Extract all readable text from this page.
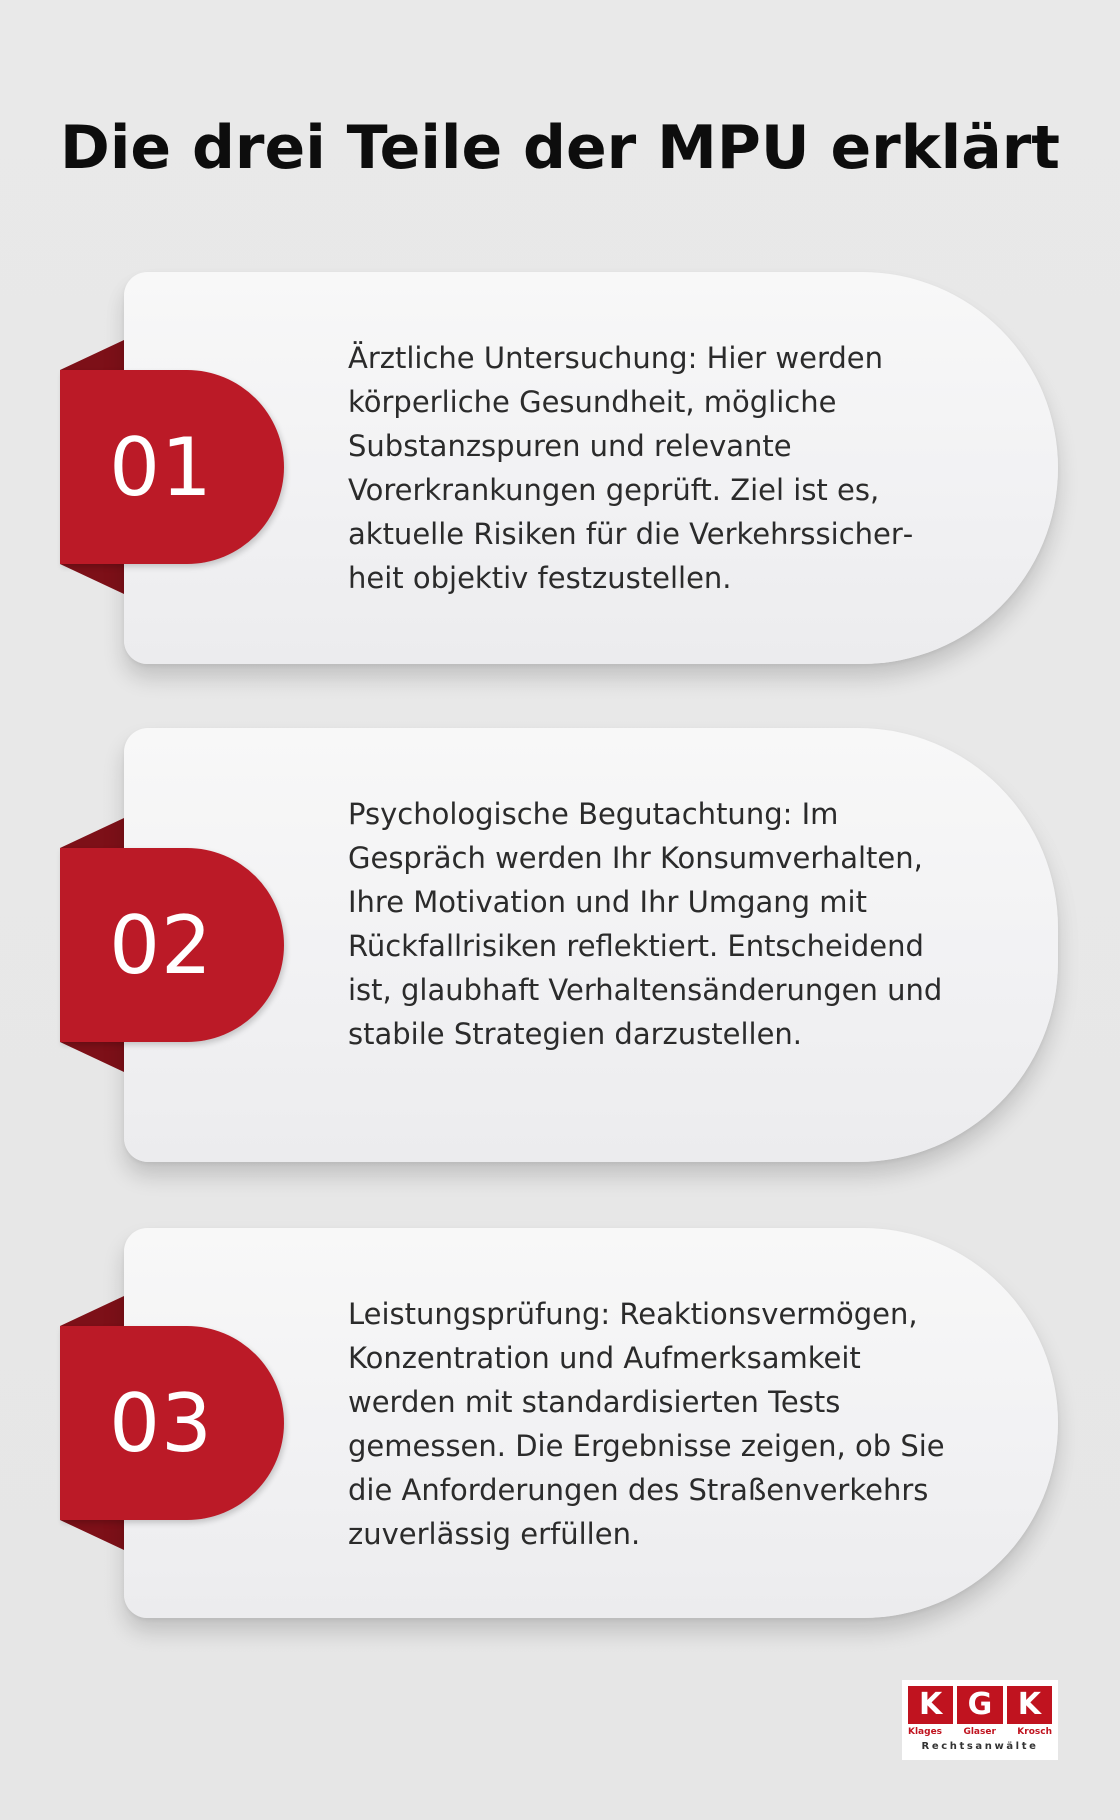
Die drei Teile der MPU erklärt
01

Ärztliche Untersuchung: Hier werden körperliche Gesundheit, mögliche Substanzspuren und relevante Vorerkrankungen geprüft. Ziel ist es, aktuelle Risiken für die Verkehrssicherheit objektiv festzustellen.

02

Psychologische Begutachtung: Im Gespräch werden Ihr Konsumverhalten, Ihre Motivation und Ihr Umgang mit Rückfallrisiken reflektiert. Entscheidend ist, glaubhaft Verhaltensänderungen und stabile Strategien darzustellen.

03

Leistungsprüfung: Reaktionsvermögen, Konzentration und Aufmerksamkeit werden mit standardisierten Tests gemessen. Die Ergebnisse zeigen, ob Sie die Anforderungen des Straßenverkehrs zuverlässig erfüllen.

K G K
Klages Glaser Krosch
Rechtsanwälte
